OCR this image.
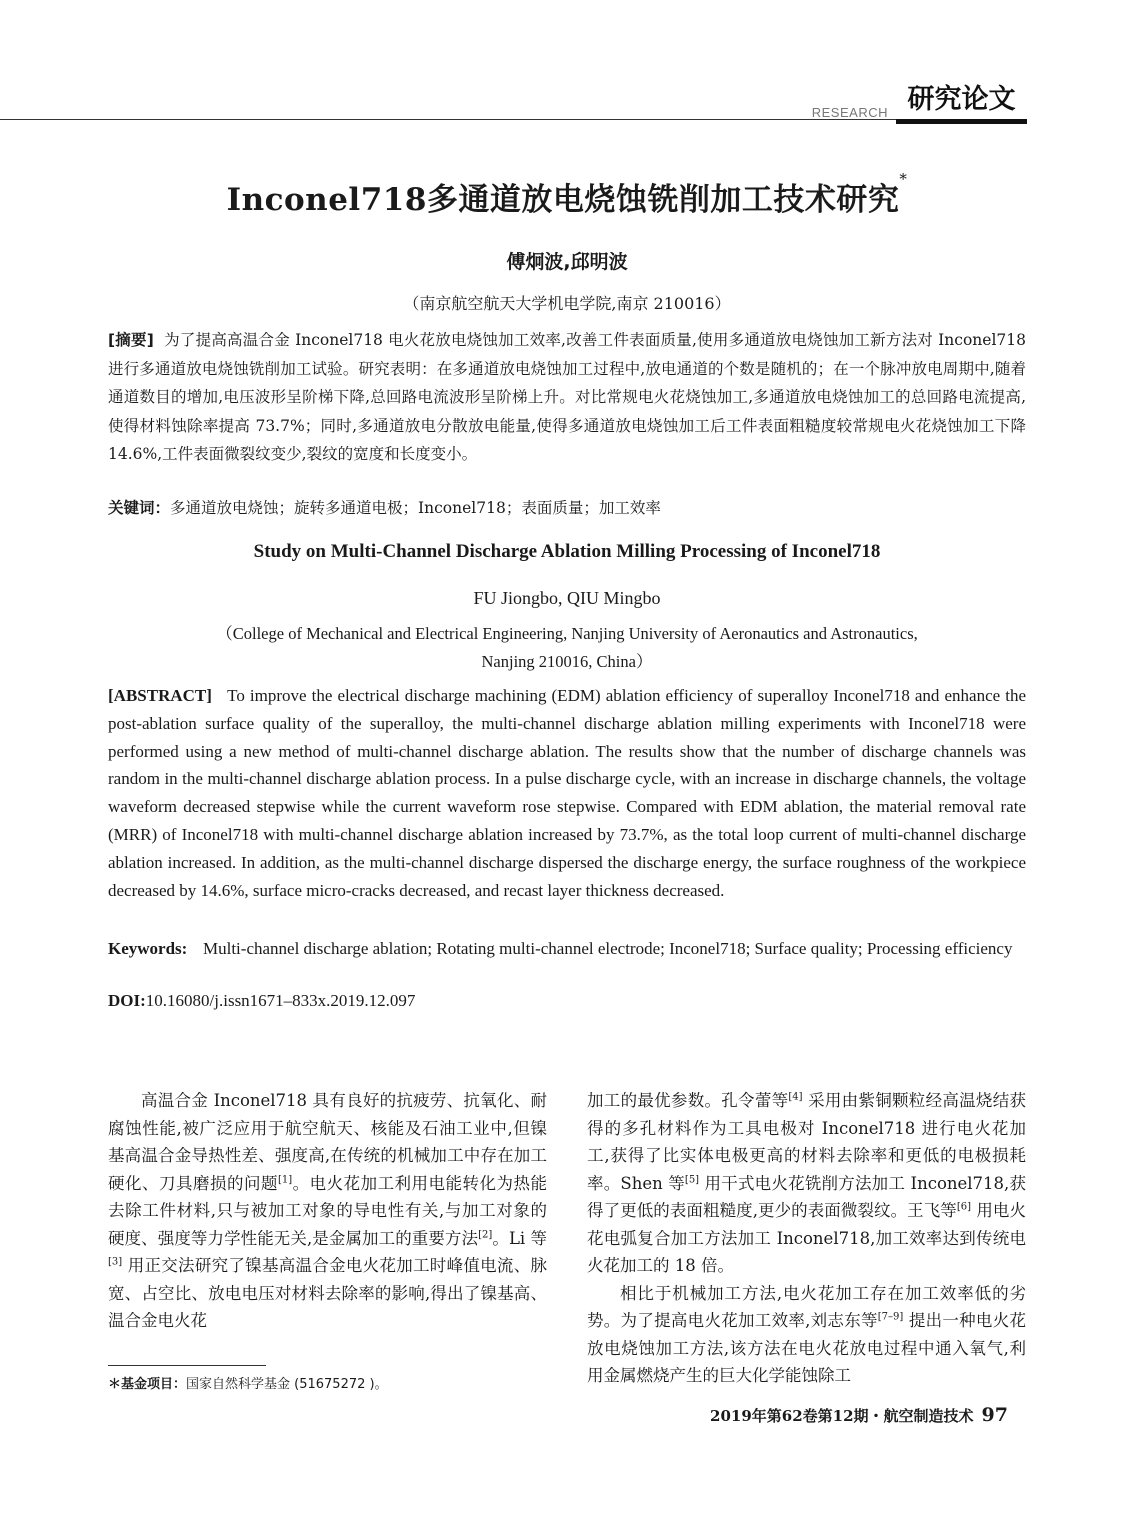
RESEARCH 研究论文
Inconel718多通道放电烧蚀铣削加工技术研究*
傅炯波,邱明波
（南京航空航天大学机电学院,南京 210016）
[摘要] 为了提高高温合金 Inconel718 电火花放电烧蚀加工效率,改善工件表面质量,使用多通道放电烧蚀加工新方法对 Inconel718 进行多通道放电烧蚀铣削加工试验。研究表明：在多通道放电烧蚀加工过程中,放电通道的个数是随机的；在一个脉冲放电周期中,随着通道数目的增加,电压波形呈阶梯下降,总回路电流波形呈阶梯上升。对比常规电火花烧蚀加工,多通道放电烧蚀加工的总回路电流提高,使得材料蚀除率提高 73.7%；同时,多通道放电分散放电能量,使得多通道放电烧蚀加工后工件表面粗糙度较常规电火花烧蚀加工下降 14.6%,工件表面微裂纹变少,裂纹的宽度和长度变小。
关键词：多通道放电烧蚀；旋转多通道电极；Inconel718；表面质量；加工效率
Study on Multi-Channel Discharge Ablation Milling Processing of Inconel718
FU Jiongbo, QIU Mingbo
（College of Mechanical and Electrical Engineering, Nanjing University of Aeronautics and Astronautics,
Nanjing 210016, China）
[ABSTRACT] To improve the electrical discharge machining (EDM) ablation efficiency of superalloy Inconel718 and enhance the post-ablation surface quality of the superalloy, the multi-channel discharge ablation milling experiments with Inconel718 were performed using a new method of multi-channel discharge ablation. The results show that the number of discharge channels was random in the multi-channel discharge ablation process. In a pulse discharge cycle, with an increase in discharge channels, the voltage waveform decreased stepwise while the current waveform rose stepwise. Compared with EDM ablation, the material removal rate (MRR) of Inconel718 with multi-channel discharge ablation increased by 73.7%, as the total loop current of multi-channel discharge ablation increased. In addition, as the multi-channel discharge dispersed the discharge energy, the surface roughness of the workpiece decreased by 14.6%, surface micro-cracks decreased, and recast layer thickness decreased.
Keywords: Multi-channel discharge ablation; Rotating multi-channel electrode; Inconel718; Surface quality; Processing efficiency
DOI:10.16080/j.issn1671–833x.2019.12.097

高温合金 Inconel718 具有良好的抗疲劳、抗氧化、耐腐蚀性能,被广泛应用于航空航天、核能及石油工业中,但镍基高温合金导热性差、强度高,在传统的机械加工中存在加工硬化、刀具磨损的问题[1]。电火花加工利用电能转化为热能去除工件材料,只与被加工对象的导电性有关,与加工对象的硬度、强度等力学性能无关,是金属加工的重要方法[2]。Li 等[3] 用正交法研究了镍基高温合金电火花加工时峰值电流、脉宽、占空比、放电电压对材料去除率的影响,得出了镍基高、温合金电火花

加工的最优参数。孔令蕾等[4] 采用由紫铜颗粒经高温烧结获得的多孔材料作为工具电极对 Inconel718 进行电火花加工,获得了比实体电极更高的材料去除率和更低的电极损耗率。Shen 等[5] 用干式电火花铣削方法加工 Inconel718,获得了更低的表面粗糙度,更少的表面微裂纹。王飞等[6] 用电火花电弧复合加工方法加工 Inconel718,加工效率达到传统电火花加工的 18 倍。

相比于机械加工方法,电火花加工存在加工效率低的劣势。为了提高电火花加工效率,刘志东等[7–9] 提出一种电火花放电烧蚀加工方法,该方法在电火花放电过程中通入氧气,利用金属燃烧产生的巨大化学能蚀除工

＊基金项目：国家自然科学基金 (51675272 )。
2019年第62卷第12期・航空制造技术 97
